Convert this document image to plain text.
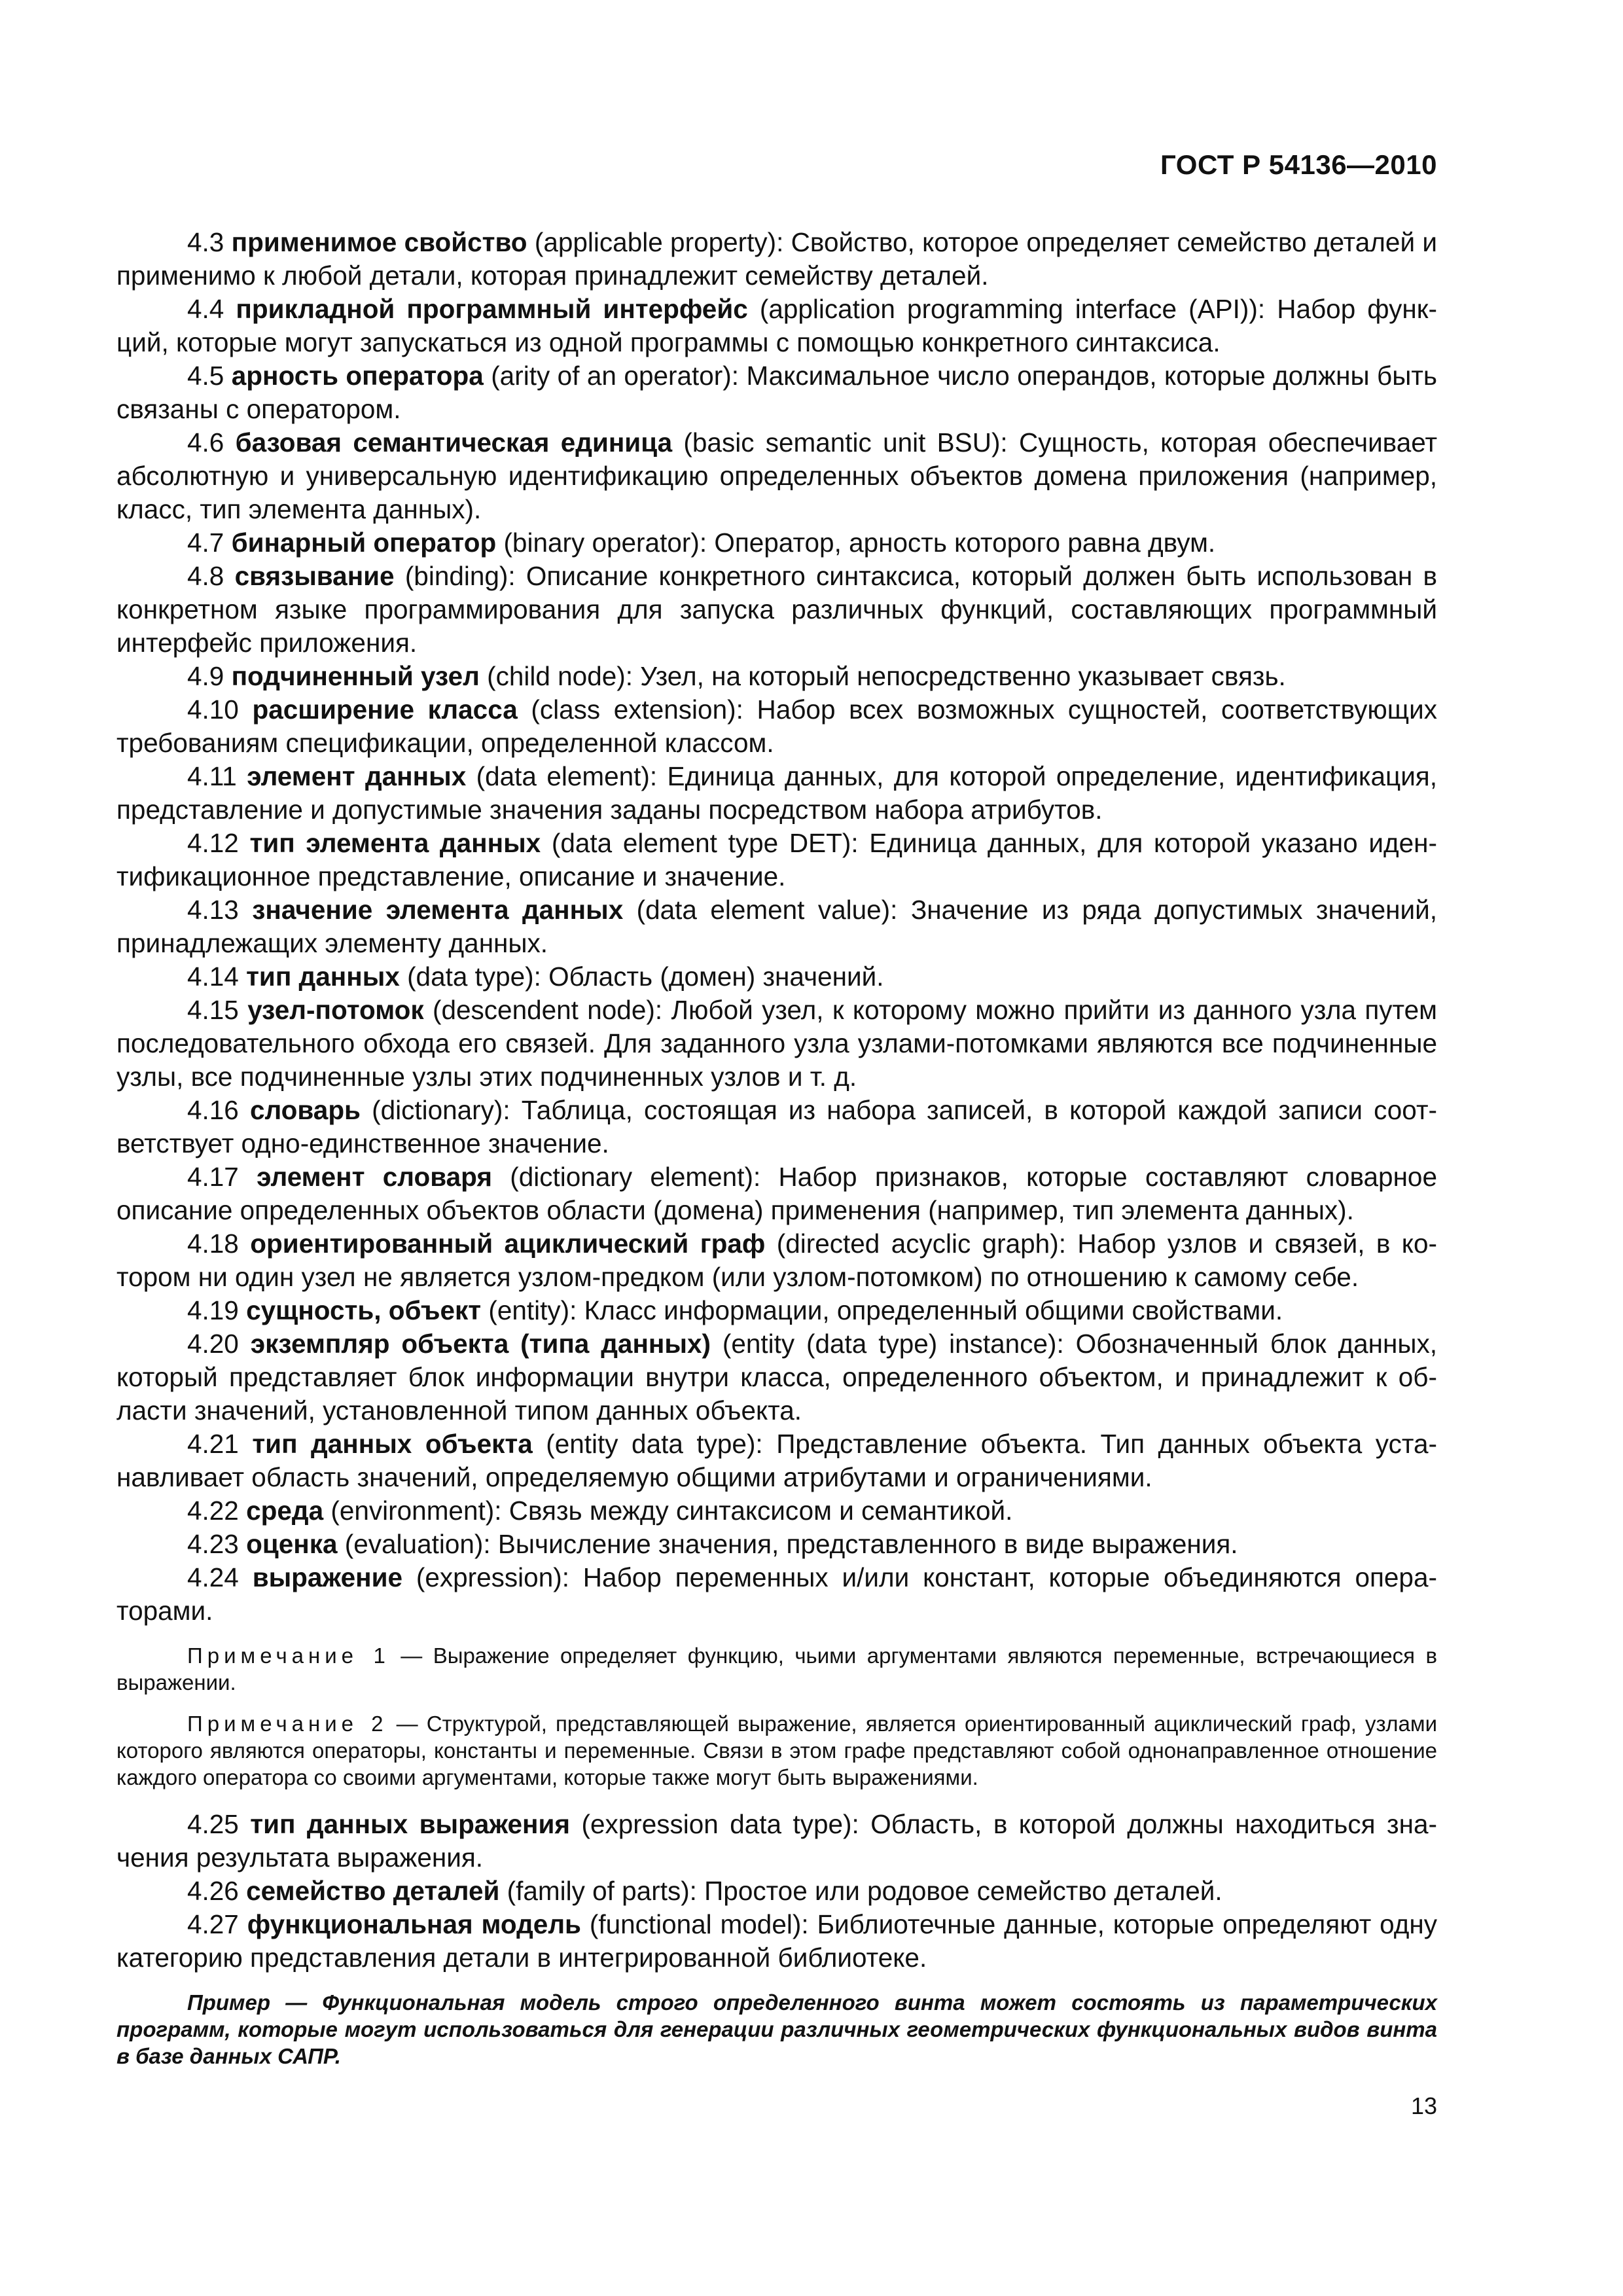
ГОСТ Р 54136—2010

4.3 применимое свойство (applicable property): Свойство, которое определяет семейство деталей и применимо к любой детали, которая принадлежит семейству деталей.

4.4 прикладной программный интерфейс (application programming interface (API)): Набор функций, которые могут запускаться из одной программы с помощью конкретного синтаксиса.

4.5 арность оператора (arity of an operator): Максимальное число операндов, которые должны быть связаны с оператором.

4.6 базовая семантическая единица (basic semantic unit BSU): Сущность, которая обеспечивает абсолютную и универсальную идентификацию определенных объектов домена приложения (например, класс, тип элемента данных).

4.7 бинарный оператор (binary operator): Оператор, арность которого равна двум.

4.8 связывание (binding): Описание конкретного синтаксиса, который должен быть использован в конкретном языке программирования для запуска различных функций, составляющих программный интерфейс приложения.

4.9 подчиненный узел (child node): Узел, на который непосредственно указывает связь.

4.10 расширение класса (class extension): Набор всех возможных сущностей, соответствующих требованиям спецификации, определенной классом.

4.11 элемент данных (data element): Единица данных, для которой определение, идентификация, представление и допустимые значения заданы посредством набора атрибутов.

4.12 тип элемента данных (data element type DET): Единица данных, для которой указано идентификационное представление, описание и значение.

4.13 значение элемента данных (data element value): Значение из ряда допустимых значений, принадлежащих элементу данных.

4.14 тип данных (data type): Область (домен) значений.

4.15 узел-потомок (descendent node): Любой узел, к которому можно прийти из данного узла путем последовательного обхода его связей. Для заданного узла узлами-потомками являются все подчиненные узлы, все подчиненные узлы этих подчиненных узлов и т. д.

4.16 словарь (dictionary): Таблица, состоящая из набора записей, в которой каждой записи соответствует одно-единственное значение.

4.17 элемент словаря (dictionary element): Набор признаков, которые составляют словарное описание определенных объектов области (домена) применения (например, тип элемента данных).

4.18 ориентированный ациклический граф (directed acyclic graph): Набор узлов и связей, в котором ни один узел не является узлом-предком (или узлом-потомком) по отношению к самому себе.

4.19 сущность, объект (entity): Класс информации, определенный общими свойствами.

4.20 экземпляр объекта (типа данных) (entity (data type) instance): Обозначенный блок данных, который представляет блок информации внутри класса, определенного объектом, и принадлежит к области значений, установленной типом данных объекта.

4.21 тип данных объекта (entity data type): Представление объекта. Тип данных объекта устанавливает область значений, определяемую общими атрибутами и ограничениями.

4.22 среда (environment): Связь между синтаксисом и семантикой.

4.23 оценка (evaluation): Вычисление значения, представленного в виде выражения.

4.24 выражение (expression): Набор переменных и/или констант, которые объединяются операторами.

Примечание 1 — Выражение определяет функцию, чьими аргументами являются переменные, встречающиеся в выражении.

Примечание 2 — Структурой, представляющей выражение, является ориентированный ациклический граф, узлами которого являются операторы, константы и переменные. Связи в этом графе представляют собой однонаправленное отношение каждого оператора со своими аргументами, которые также могут быть выражениями.

4.25 тип данных выражения (expression data type): Область, в которой должны находиться значения результата выражения.

4.26 семейство деталей (family of parts): Простое или родовое семейство деталей.

4.27 функциональная модель (functional model): Библиотечные данные, которые определяют одну категорию представления детали в интегрированной библиотеке.

Пример — Функциональная модель строго определенного винта может состоять из параметрических программ, которые могут использоваться для генерации различных геометрических функциональных видов винта в базе данных САПР.

13
